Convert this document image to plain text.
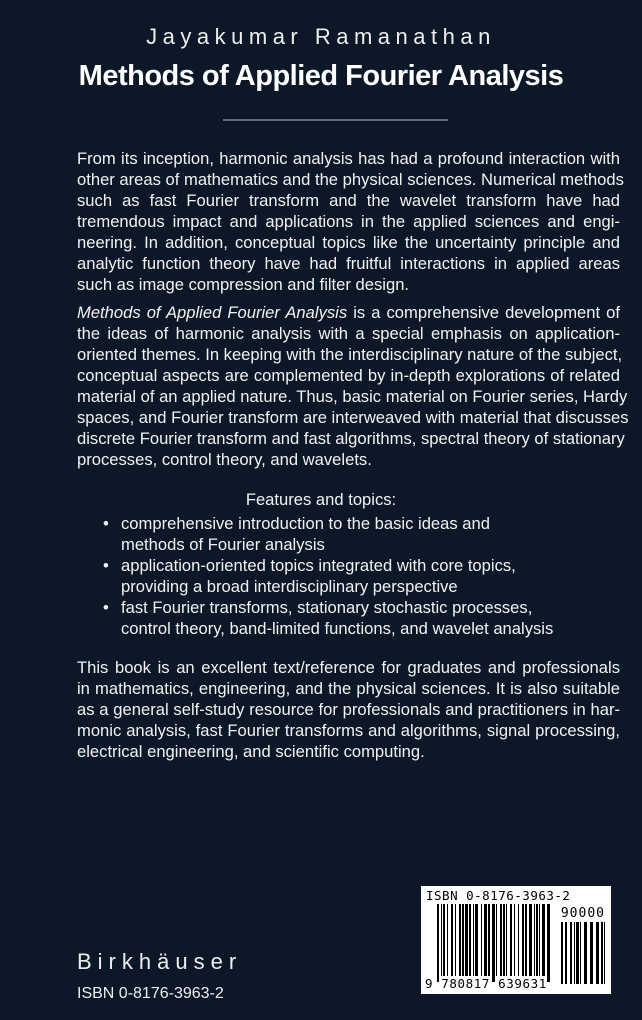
Jayakumar Ramanathan
Methods of Applied Fourier Analysis
From its inception, harmonic analysis has had a profound interaction with
other areas of mathematics and the physical sciences. Numerical methods
such as fast Fourier transform and the wavelet transform have had
tremendous impact and applications in the applied sciences and engi-
neering. In addition, conceptual topics like the uncertainty principle and
analytic function theory have had fruitful interactions in applied areas
such as image compression and filter design.
Methods of Applied Fourier Analysis is a comprehensive development of
the ideas of harmonic analysis with a special emphasis on application-
oriented themes. In keeping with the interdisciplinary nature of the subject,
conceptual aspects are complemented by in-depth explorations of related
material of an applied nature. Thus, basic material on Fourier series, Hardy
spaces, and Fourier transform are interweaved with material that discusses
discrete Fourier transform and fast algorithms, spectral theory of stationary
processes, control theory, and wavelets.
Features and topics:
• comprehensive introduction to the basic ideas and
methods of Fourier analysis
• application-oriented topics integrated with core topics,
providing a broad interdisciplinary perspective
• fast Fourier transforms, stationary stochastic processes,
control theory, band-limited functions, and wavelet analysis
This book is an excellent text/reference for graduates and professionals
in mathematics, engineering, and the physical sciences. It is also suitable
as a general self-study resource for professionals and practitioners in har-
monic analysis, fast Fourier transforms and algorithms, signal processing,
electrical engineering, and scientific computing.
Birkhäuser
ISBN 0-8176-3963-2
ISBN 0-8176-3963-2
90000
9 780817 639631
